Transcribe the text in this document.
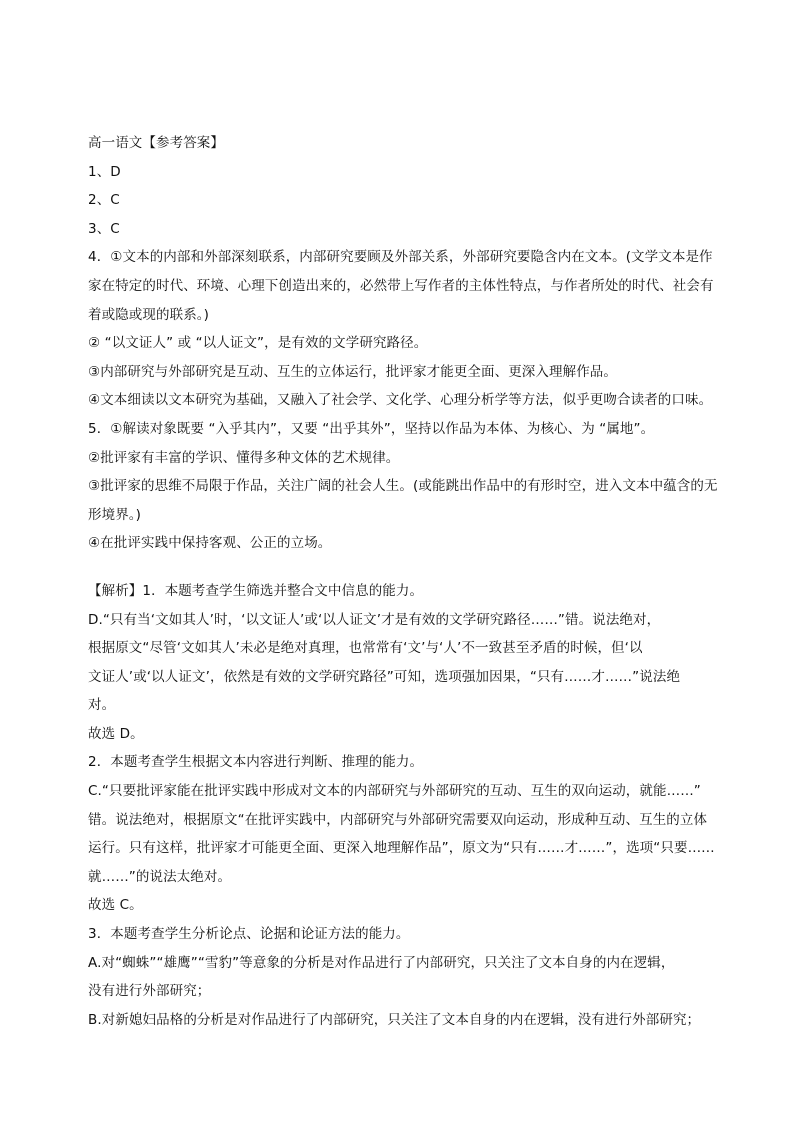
高一语文【参考答案】
1、D
2、C
3、C
4．①文本的内部和外部深刻联系，内部研究要顾及外部关系，外部研究要隐含内在文本。(文学文本是作
家在特定的时代、环境、心理下创造出来的，必然带上写作者的主体性特点，与作者所处的时代、社会有
着或隐或现的联系。)
② “以文证人” 或 “以人证文”，是有效的文学研究路径。
③内部研究与外部研究是互动、互生的立体运行，批评家才能更全面、更深入理解作品。
④文本细读以文本研究为基础，又融入了社会学、文化学、心理分析学等方法，似乎更吻合读者的口味。
5．①解读对象既要 “入乎其内”，又要 “出乎其外”，坚持以作品为本体、为核心、为 “属地”。
②批评家有丰富的学识、懂得多种文体的艺术规律。
③批评家的思维不局限于作品，关注广阔的社会人生。(或能跳出作品中的有形时空，进入文本中蕴含的无
形境界。)
④在批评实践中保持客观、公正的立场。
【解析】1．本题考查学生筛选并整合文中信息的能力。
D.“只有当‘文如其人’时，‘以文证人’或‘以人证文’才是有效的文学研究路径……”错。说法绝对，
根据原文“尽管‘文如其人’未必是绝对真理，也常常有‘文’与‘人’不一致甚至矛盾的时候，但‘以
文证人’或‘以人证文’，依然是有效的文学研究路径”可知，选项强加因果，“只有……才……”说法绝
对。
故选 D。
2．本题考查学生根据文本内容进行判断、推理的能力。
C.“只要批评家能在批评实践中形成对文本的内部研究与外部研究的互动、互生的双向运动，就能……”
错。说法绝对，根据原文“在批评实践中，内部研究与外部研究需要双向运动，形成种互动、互生的立体
运行。只有这样，批评家才可能更全面、更深入地理解作品”，原文为“只有……才……”，选项“只要……
就……”的说法太绝对。
故选 C。
3．本题考查学生分析论点、论据和论证方法的能力。
A.对“蜘蛛”“雄鹰”“雪豹”等意象的分析是对作品进行了内部研究，只关注了文本自身的内在逻辑，
没有进行外部研究；
B.对新媳妇品格的分析是对作品进行了内部研究，只关注了文本自身的内在逻辑，没有进行外部研究；
